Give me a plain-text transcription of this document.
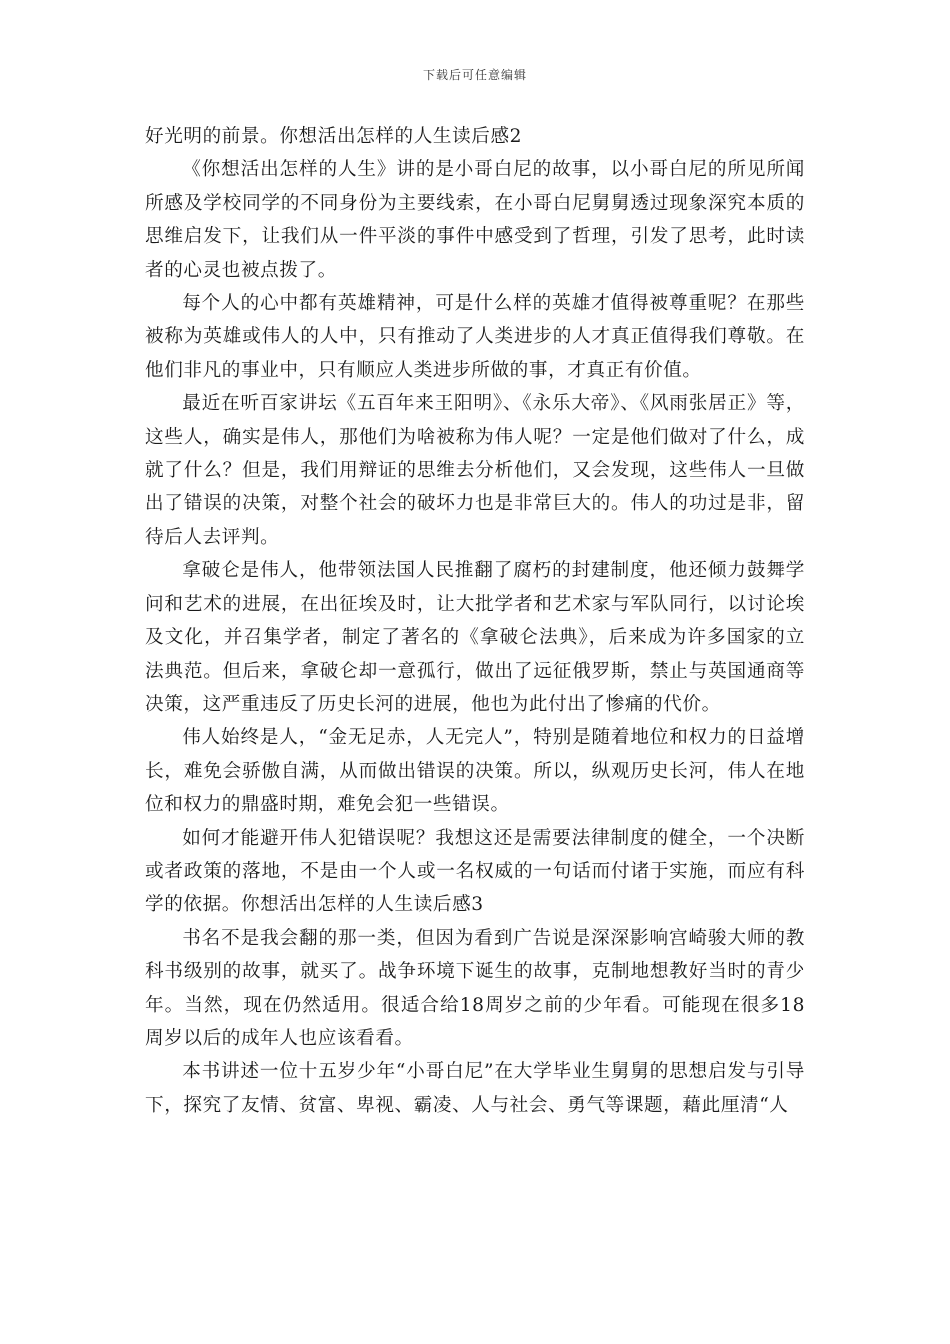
下载后可任意编辑

好光明的前景。你想活出怎样的人生读后感2

《你想活出怎样的人生》讲的是小哥白尼的故事，以小哥白尼的所见所闻所感及学校同学的不同身份为主要线索，在小哥白尼舅舅透过现象深究本质的思维启发下，让我们从一件平淡的事件中感受到了哲理，引发了思考，此时读者的心灵也被点拨了。

每个人的心中都有英雄精神，可是什么样的英雄才值得被尊重呢？在那些被称为英雄或伟人的人中，只有推动了人类进步的人才真正值得我们尊敬。在他们非凡的事业中，只有顺应人类进步所做的事，才真正有价值。

最近在听百家讲坛《五百年来王阳明》、《永乐大帝》、《风雨张居正》等，这些人，确实是伟人，那他们为啥被称为伟人呢？一定是他们做对了什么，成就了什么？但是，我们用辩证的思维去分析他们，又会发现，这些伟人一旦做出了错误的决策，对整个社会的破坏力也是非常巨大的。伟人的功过是非，留待后人去评判。

拿破仑是伟人，他带领法国人民推翻了腐朽的封建制度，他还倾力鼓舞学问和艺术的进展，在出征埃及时，让大批学者和艺术家与军队同行，以讨论埃及文化，并召集学者，制定了著名的《拿破仑法典》，后来成为许多国家的立法典范。但后来，拿破仑却一意孤行，做出了远征俄罗斯，禁止与英国通商等决策，这严重违反了历史长河的进展，他也为此付出了惨痛的代价。

伟人始终是人，“金无足赤，人无完人”，特别是随着地位和权力的日益增长，难免会骄傲自满，从而做出错误的决策。所以，纵观历史长河，伟人在地位和权力的鼎盛时期，难免会犯一些错误。

如何才能避开伟人犯错误呢？我想这还是需要法律制度的健全，一个决断或者政策的落地，不是由一个人或一名权威的一句话而付诸于实施，而应有科学的依据。你想活出怎样的人生读后感3

书名不是我会翻的那一类，但因为看到广告说是深深影响宫崎骏大师的教科书级别的故事，就买了。战争环境下诞生的故事，克制地想教好当时的青少年。当然，现在仍然适用。很适合给18周岁之前的少年看。可能现在很多18周岁以后的成年人也应该看看。

本书讲述一位十五岁少年“小哥白尼”在大学毕业生舅舅的思想启发与引导下，探究了友情、贫富、卑视、霸凌、人与社会、勇气等课题，藉此厘清“人
